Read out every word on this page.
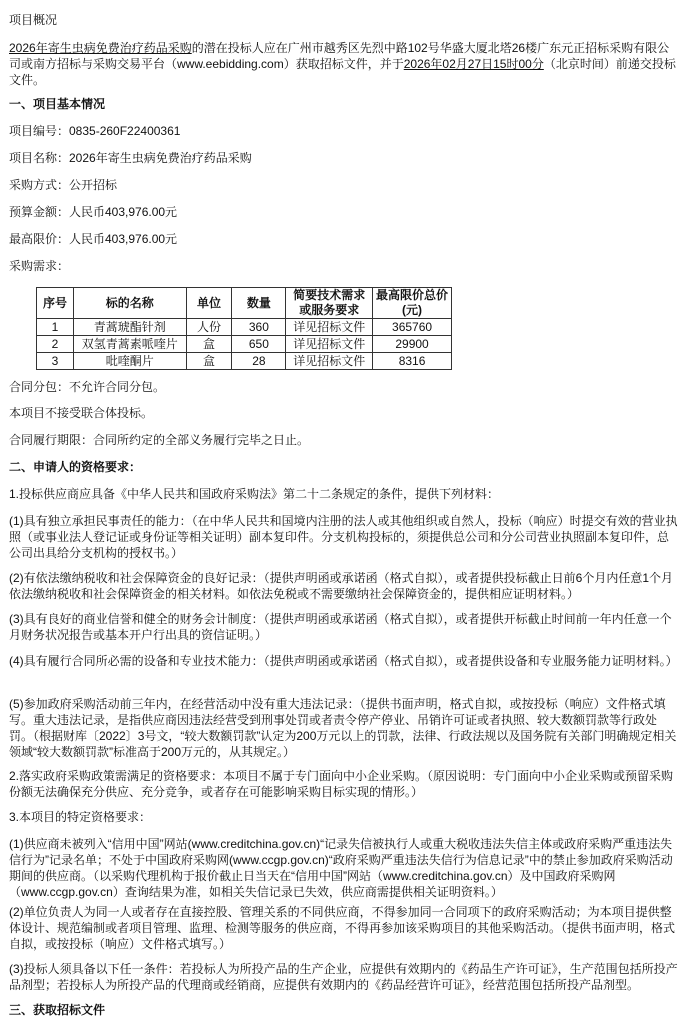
项目概况

2026年寄生虫病免费治疗药品采购的潜在投标人应在广州市越秀区先烈中路102号华盛大厦北塔26楼广东元正招标采购有限公司或南方招标与采购交易平台（www.eebidding.com）获取招标文件，并于2026年02月27日15时00分（北京时间）前递交投标文件。

一、项目基本情况

项目编号：0835-260F22400361

项目名称：2026年寄生虫病免费治疗药品采购

采购方式：公开招标

预算金额：人民币403,976.00元

最高限价：人民币403,976.00元

采购需求：

序号	标的名称	单位	数量	简要技术需求或服务要求	最高限价总价(元)
1	青蒿琥酯针剂	人份	360	详见招标文件	365760
2	双氢青蒿素哌喹片	盒	650	详见招标文件	29900
3	吡喹酮片	盒	28	详见招标文件	8316

合同分包：不允许合同分包。

本项目不接受联合体投标。

合同履行期限：合同所约定的全部义务履行完毕之日止。

二、申请人的资格要求：

1.投标供应商应具备《中华人民共和国政府采购法》第二十二条规定的条件，提供下列材料：

(1)具有独立承担民事责任的能力：（在中华人民共和国境内注册的法人或其他组织或自然人，投标（响应）时提交有效的营业执照（或事业法人登记证或身份证等相关证明）副本复印件。分支机构投标的，须提供总公司和分公司营业执照副本复印件，总公司出具给分支机构的授权书。）

(2)有依法缴纳税收和社会保障资金的良好记录：（提供声明函或承诺函（格式自拟），或者提供投标截止日前6个月内任意1个月依法缴纳税收和社会保障资金的相关材料。如依法免税或不需要缴纳社会保障资金的，提供相应证明材料。）

(3)具有良好的商业信誉和健全的财务会计制度：（提供声明函或承诺函（格式自拟），或者提供开标截止时间前一年内任意一个月财务状况报告或基本开户行出具的资信证明。）

(4)具有履行合同所必需的设备和专业技术能力：（提供声明函或承诺函（格式自拟），或者提供设备和专业服务能力证明材料。）

(5)参加政府采购活动前三年内，在经营活动中没有重大违法记录：（提供书面声明，格式自拟，或按投标（响应）文件格式填写。重大违法记录，是指供应商因违法经营受到刑事处罚或者责令停产停业、吊销许可证或者执照、较大数额罚款等行政处罚。（根据财库〔2022〕3号文，“较大数额罚款”认定为200万元以上的罚款，法律、行政法规以及国务院有关部门明确规定相关领域“较大数额罚款”标准高于200万元的，从其规定。）

2.落实政府采购政策需满足的资格要求：本项目不属于专门面向中小企业采购。（原因说明：专门面向中小企业采购或预留采购份额无法确保充分供应、充分竞争，或者存在可能影响采购目标实现的情形。）

3.本项目的特定资格要求：

(1)供应商未被列入“信用中国”网站(www.creditchina.gov.cn)“记录失信被执行人或重大税收违法失信主体或政府采购严重违法失信行为”记录名单；不处于中国政府采购网(www.ccgp.gov.cn)“政府采购严重违法失信行为信息记录”中的禁止参加政府采购活动期间的供应商。（以采购代理机构于报价截止日当天在“信用中国”网站（www.creditchina.gov.cn）及中国政府采购网（www.ccgp.gov.cn）查询结果为准，如相关失信记录已失效，供应商需提供相关证明资料。）

(2)单位负责人为同一人或者存在直接控股、管理关系的不同供应商，不得参加同一合同项下的政府采购活动；为本项目提供整体设计、规范编制或者项目管理、监理、检测等服务的供应商，不得再参加该采购项目的其他采购活动。（提供书面声明，格式自拟，或按投标（响应）文件格式填写。）

(3)投标人须具备以下任一条件：若投标人为所投产品的生产企业，应提供有效期内的《药品生产许可证》，生产范围包括所投产品剂型；若投标人为所投产品的代理商或经销商，应提供有效期内的《药品经营许可证》，经营范围包括所投产品剂型。

三、获取招标文件
